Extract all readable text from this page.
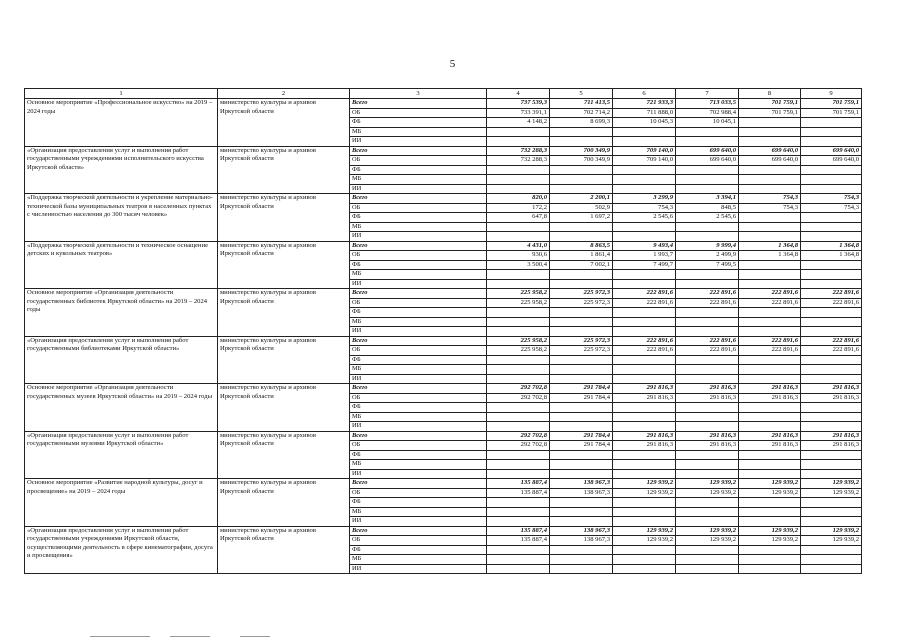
5
1	2	3	4	5	6	7	8	9
Основное мероприятие «Профессиональное искусство» на 2019 – 2024 годы	министерство культуры и архивов Иркутской области	Всего	737 539,3	711 413,5	721 933,3	713 033,5	701 759,1	701 759,1
		ОБ	733 391,1	702 714,2	711 888,0	702 988,4	701 759,1	701 759,1
		ФБ	4 148,2	8 699,3	10 045,3	10 045,1		
		МБ						
		ИИ						
«Организация предоставления услуг и выполнения работ государственными учреждениями исполнительского искусства Иркутской области»	министерство культуры и архивов Иркутской области	Всего	732 288,3	700 349,9	709 140,0	699 640,0	699 640,0	699 640,0
		ОБ	732 288,3	700 349,9	709 140,0	699 640,0	699 640,0	699 640,0
		ФБ						
		МБ						
		ИИ						
«Поддержка творческой деятельности и укрепление материально-технической базы муниципальных театров в населенных пунктах с численностью населения до 300 тысяч человек»	министерство культуры и архивов Иркутской области	Всего	820,0	2 200,1	3 299,9	3 394,1	754,3	754,3
		ОБ	172,2	502,9	754,3	848,5	754,3	754,3
		ФБ	647,8	1 697,2	2 545,6	2 545,6		
		МБ						
		ИИ						
«Поддержка творческой деятельности и техническое оснащение детских и кукольных театров»	министерство культуры и архивов Иркутской области	Всего	4 431,0	8 863,5	9 493,4	9 999,4	1 364,8	1 364,8
		ОБ	930,6	1 861,4	1 993,7	2 499,9	1 364,8	1 364,8
		ФБ	3 500,4	7 002,1	7 499,7	7 499,5		
		МБ						
		ИИ						
Основное мероприятие «Организация деятельности государственных библиотек Иркутской области» на 2019 – 2024 годы	министерство культуры и архивов Иркутской области	Всего	225 958,2	225 972,3	222 891,6	222 891,6	222 891,6	222 891,6
		ОБ	225 958,2	225 972,3	222 891,6	222 891,6	222 891,6	222 891,6
		ФБ						
		МБ						
		ИИ						
«Организация предоставления услуг и выполнения работ государственными библиотеками Иркутской области»	министерство культуры и архивов Иркутской области	Всего	225 958,2	225 972,3	222 891,6	222 891,6	222 891,6	222 891,6
		ОБ	225 958,2	225 972,3	222 891,6	222 891,6	222 891,6	222 891,6
		ФБ						
		МБ						
		ИИ						
Основное мероприятие «Организация деятельности государственных музеев Иркутской области» на 2019 – 2024 годы	министерство культуры и архивов Иркутской области	Всего	292 702,8	291 784,4	291 816,3	291 816,3	291 816,3	291 816,3
		ОБ	292 702,8	291 784,4	291 816,3	291 816,3	291 816,3	291 816,3
		ФБ						
		МБ						
		ИИ						
«Организация предоставления услуг и выполнения работ государственными музеями Иркутской области»	министерство культуры и архивов Иркутской области	Всего	292 702,8	291 784,4	291 816,3	291 816,3	291 816,3	291 816,3
		ОБ	292 702,8	291 784,4	291 816,3	291 816,3	291 816,3	291 816,3
		ФБ						
		МБ						
		ИИ						
Основное мероприятие «Развитие народной культуры, досуг и просвещение» на 2019 – 2024 годы	министерство культуры и архивов Иркутской области	Всего	135 887,4	138 967,3	129 939,2	129 939,2	129 939,2	129 939,2
		ОБ	135 887,4	138 967,3	129 939,2	129 939,2	129 939,2	129 939,2
		ФБ						
		МБ						
		ИИ						
«Организация предоставления услуг и выполнения работ государственными учреждениями Иркутской области, осуществляющими деятельность в сфере кинематографии, досуга и просвещения»	министерство культуры и архивов Иркутской области	Всего	135 887,4	138 967,3	129 939,2	129 939,2	129 939,2	129 939,2
		ОБ	135 887,4	138 967,3	129 939,2	129 939,2	129 939,2	129 939,2
		ФБ						
		МБ						
		ИИ						
